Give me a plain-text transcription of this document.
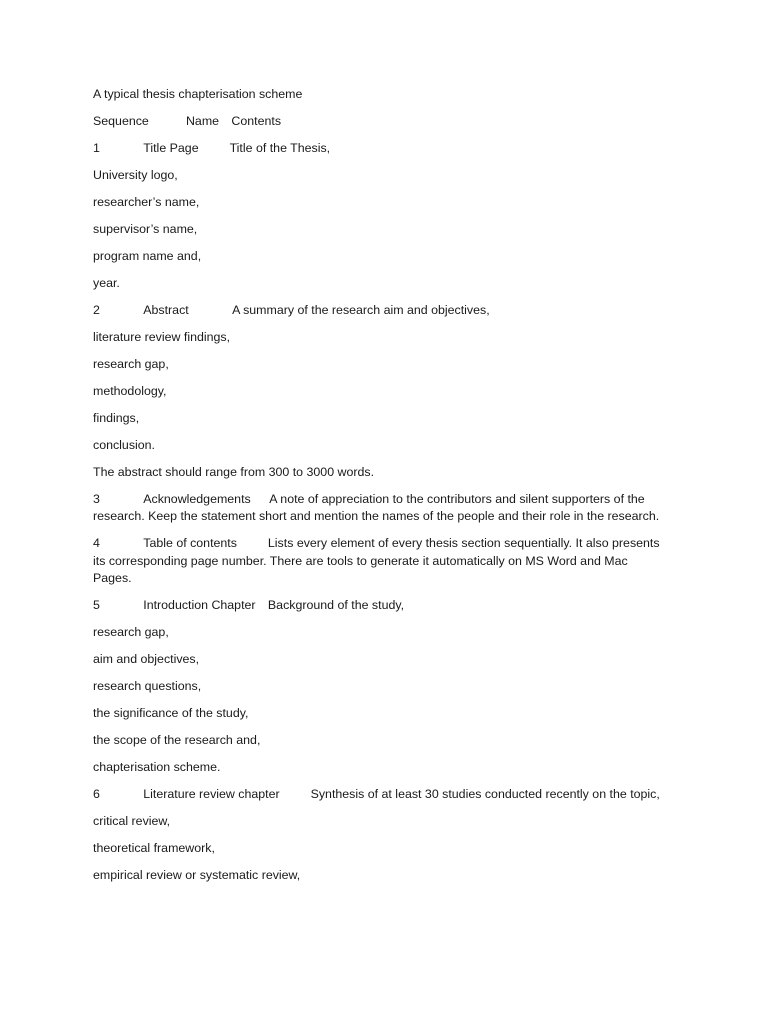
A typical thesis chapterisation scheme

Sequence   Name Contents

1    Title Page   Title of the Thesis,

University logo,

researcher’s name,

supervisor’s name,

program name and,

year.

2    Abstract    A summary of the research aim and objectives,

literature review findings,

research gap,

methodology,

findings,

conclusion.

The abstract should range from 300 to 3000 words.

3    Acknowledgements  A note of appreciation to the contributors and silent supporters of the research. Keep the statement short and mention the names of the people and their role in the research.

4    Table of contents   Lists every element of every thesis section sequentially. It also presents its corresponding page number. There are tools to generate it automatically on MS Word and Mac Pages.

5    Introduction Chapter Background of the study,

research gap,

aim and objectives,

research questions,

the significance of the study,

the scope of the research and,

chapterisation scheme.

6    Literature review chapter   Synthesis of at least 30 studies conducted recently on the topic,

critical review,

theoretical framework,

empirical review or systematic review,
